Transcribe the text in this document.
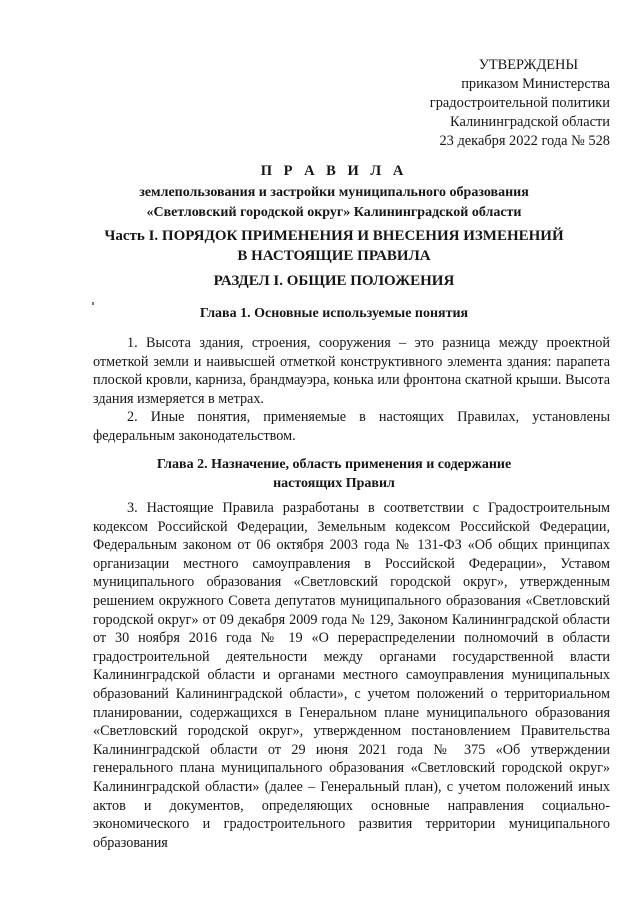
УТВЕРЖДЕНЫ
приказом Министерства
градостроительной политики
Калининградской области
23 декабря 2022 года № 528
П Р А В И Л А
землепользования и застройки муниципального образования
«Светловский городской округ» Калининградской области
Часть I. ПОРЯДОК ПРИМЕНЕНИЯ И ВНЕСЕНИЯ ИЗМЕНЕНИЙ
В НАСТОЯЩИЕ ПРАВИЛА
РАЗДЕЛ I. ОБЩИЕ ПОЛОЖЕНИЯ
Глава 1. Основные используемые понятия

1. Высота здания, строения, сооружения – это разница между проектной отметкой земли и наивысшей отметкой конструктивного элемента здания: парапета плоской кровли, карниза, брандмауэра, конька или фронтона скатной крыши. Высота здания измеряется в метрах.

2. Иные понятия, применяемые в настоящих Правилах, установлены федеральным законодательством.

Глава 2. Назначение, область применения и содержание
настоящих Правил

3. Настоящие Правила разработаны в соответствии с Градостроительным кодексом Российской Федерации, Земельным кодексом Российской Федерации, Федеральным законом от 06 октября 2003 года № 131-ФЗ «Об общих принципах организации местного самоуправления в Российской Федерации», Уставом муниципального образования «Светловский городской округ», утвержденным решением окружного Совета депутатов муниципального образования «Светловский городской округ» от 09 декабря 2009 года № 129, Законом Калининградской области от 30 ноября 2016 года № 19 «О перераспределении полномочий в области градостроительной деятельности между органами государственной власти Калининградской области и органами местного самоуправления муниципальных образований Калининградской области», с учетом положений о территориальном планировании, содержащихся в Генеральном плане муниципального образования «Светловский городской округ», утвержденном постановлением Правительства Калининградской области от 29 июня 2021 года № 375 «Об утверждении генерального плана муниципального образования «Светловский городской округ» Калининградской области» (далее – Генеральный план), с учетом положений иных актов и документов, определяющих основные направления социально-экономического и градостроительного развития территории муниципального образования
